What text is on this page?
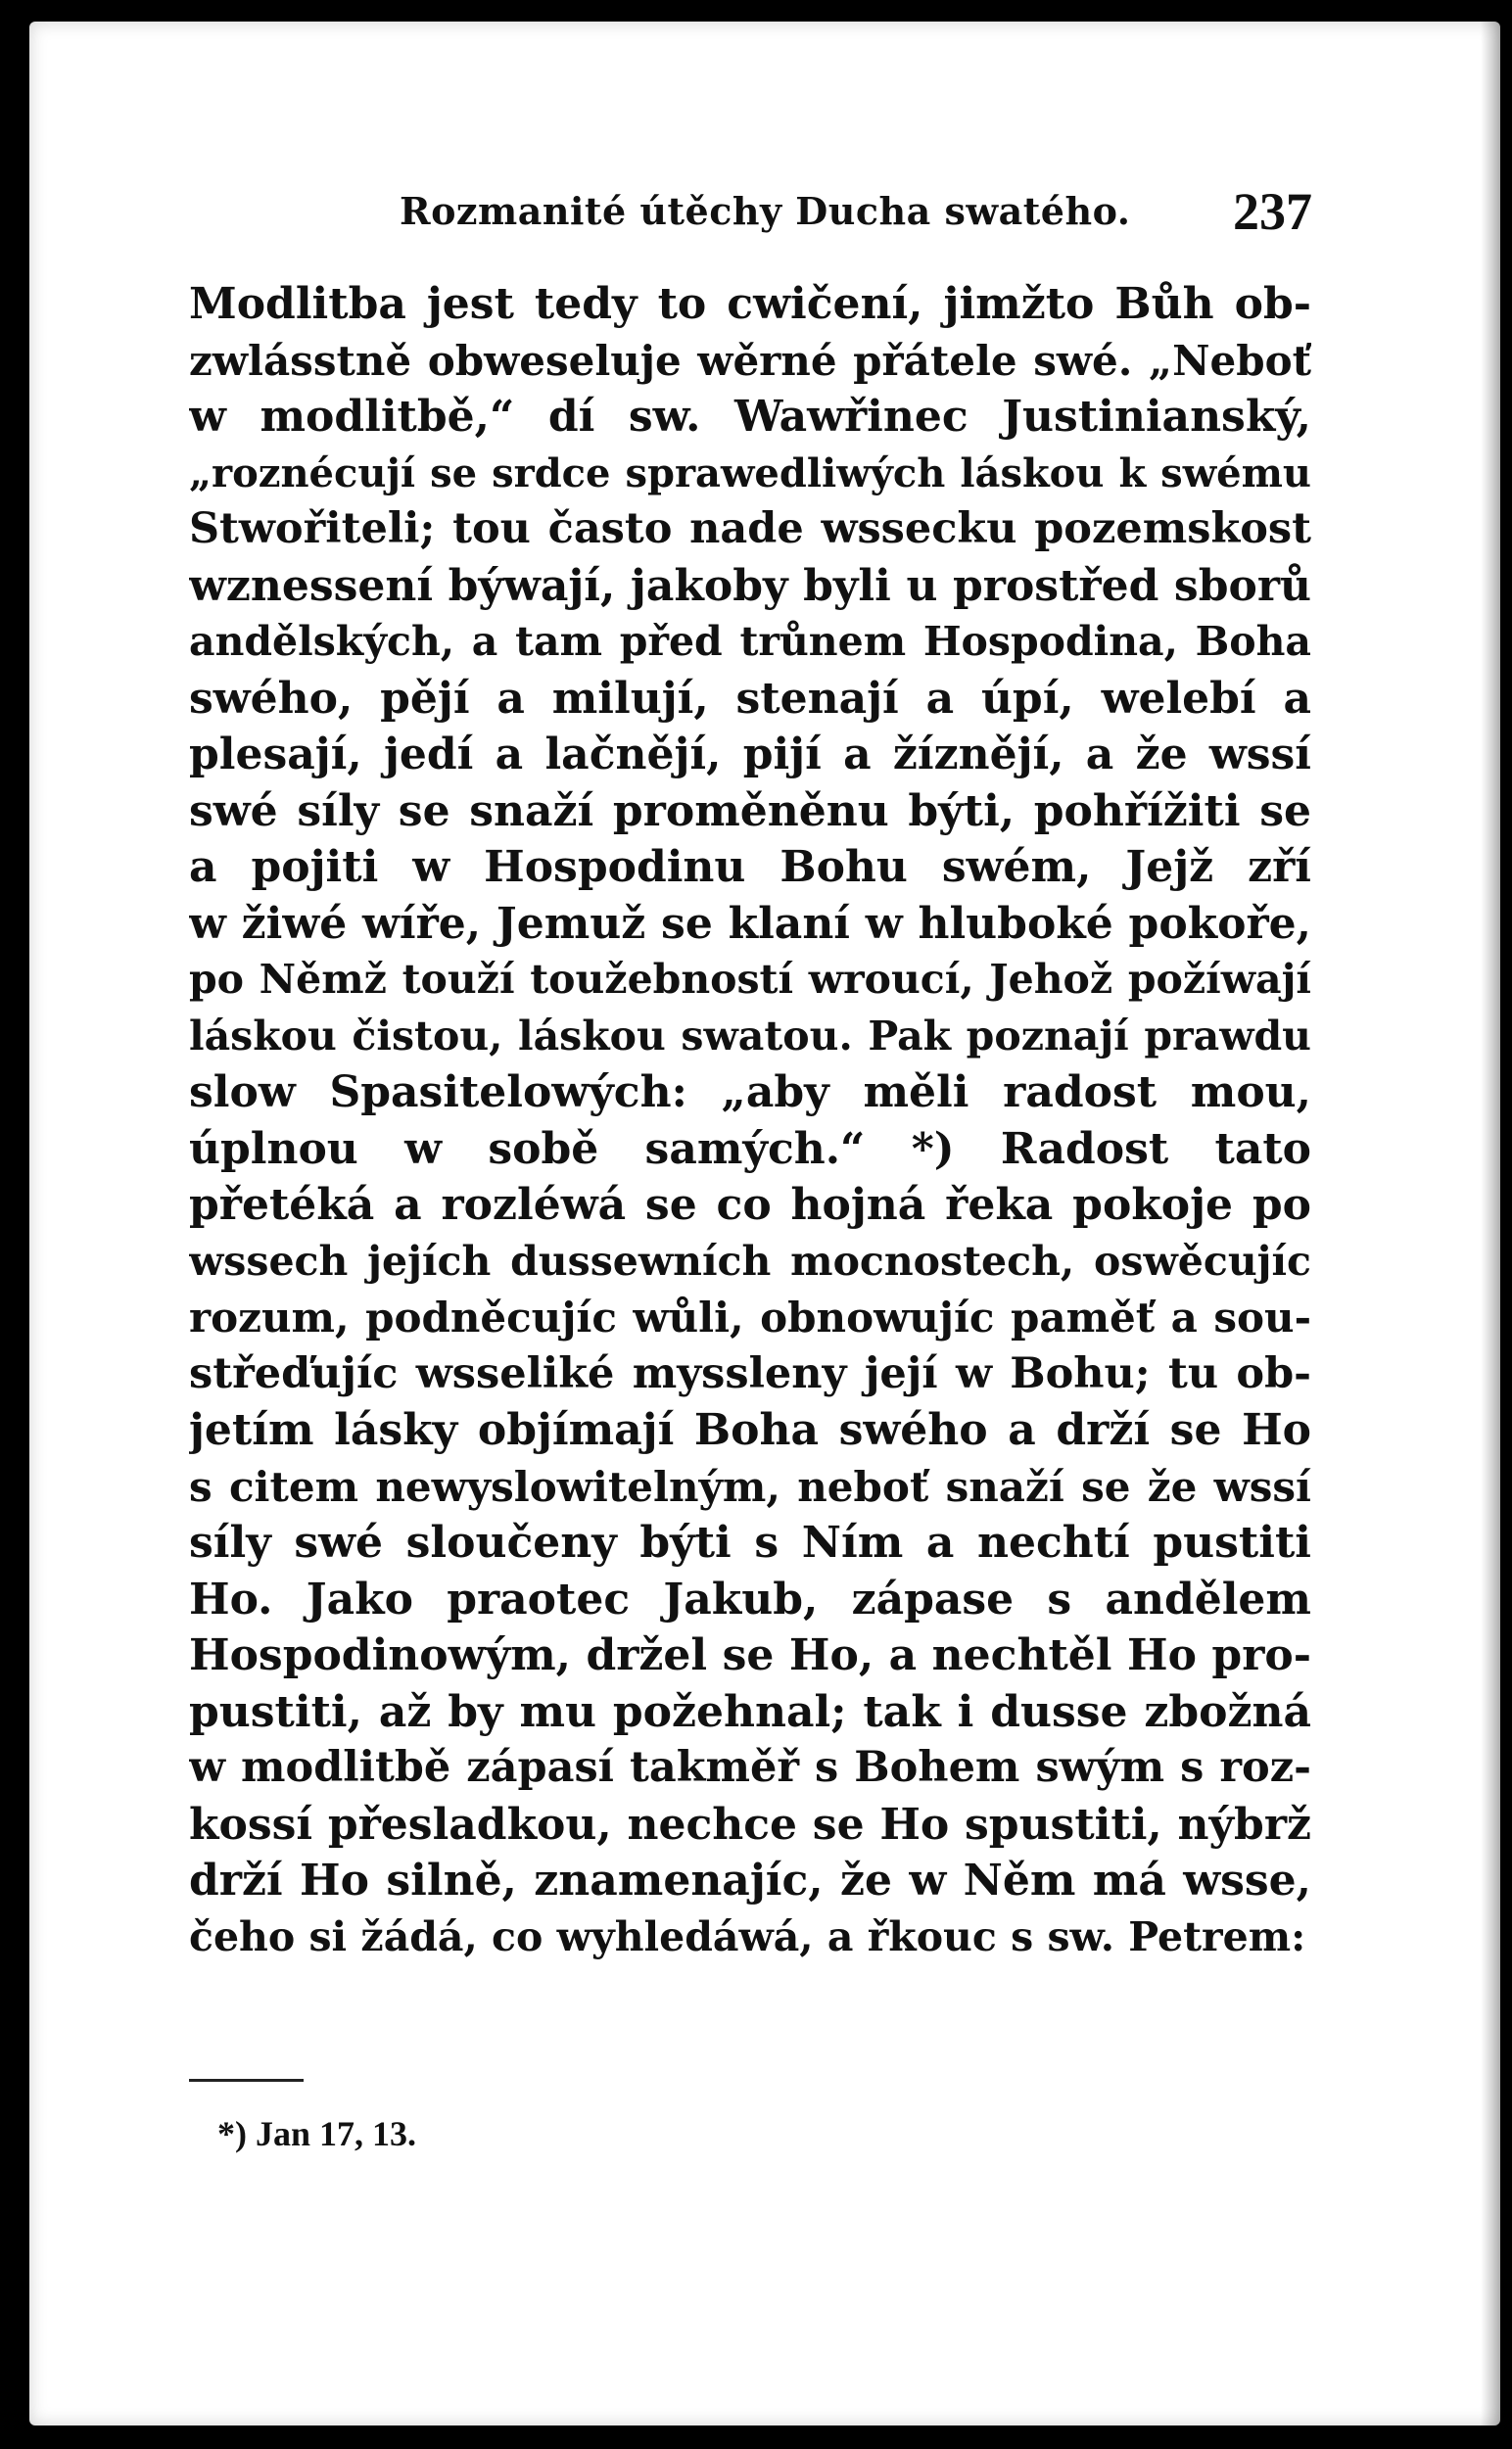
Rozmanité útěchy Ducha swatého. 237
Modlitba jest tedy to cwičení, jimžto Bůh ob-
zwlásstně obweseluje wěrné přátele swé. „Neboť
w modlitbě,“ dí sw. Wawřinec Justinianský,
„roznécují se srdce sprawedliwých láskou k swému
Stwořiteli; tou často nade wssecku pozemskost
wznessení býwají, jakoby byli u prostřed sborů
andělských, a tam před trůnem Hospodina, Boha
swého, pějí a milují, stenají a úpí, welebí a
plesají, jedí a lačnějí, pijí a žíznějí, a že wssí
swé síly se snaží proměněnu býti, pohřížiti se
a pojiti w Hospodinu Bohu swém, Jejž zří
w žiwé wíře, Jemuž se klaní w hluboké pokoře,
po Němž touží toužebností wroucí, Jehož požíwají
láskou čistou, láskou swatou. Pak poznají prawdu
slow Spasitelowých: „aby měli radost mou,
úplnou w sobě samých.“ *) Radost tato
přetéká a rozléwá se co hojná řeka pokoje po
wssech jejích dussewních mocnostech, oswěcujíc
rozum, podněcujíc wůli, obnowujíc paměť a sou-
střeďujíc wsseliké myssleny její w Bohu; tu ob-
jetím lásky objímají Boha swého a drží se Ho
s citem newyslowitelným, neboť snaží se že wssí
síly swé sloučeny býti s Ním a nechtí pustiti
Ho. Jako praotec Jakub, zápase s andělem
Hospodinowým, držel se Ho, a nechtěl Ho pro-
pustiti, až by mu požehnal; tak i dusse zbožná
w modlitbě zápasí takměř s Bohem swým s roz-
kossí přesladkou, nechce se Ho spustiti, nýbrž
drží Ho silně, znamenajíc, že w Něm má wsse,
čeho si žádá, co wyhledáwá, a řkouc s sw. Petrem:
*) Jan 17, 13.
